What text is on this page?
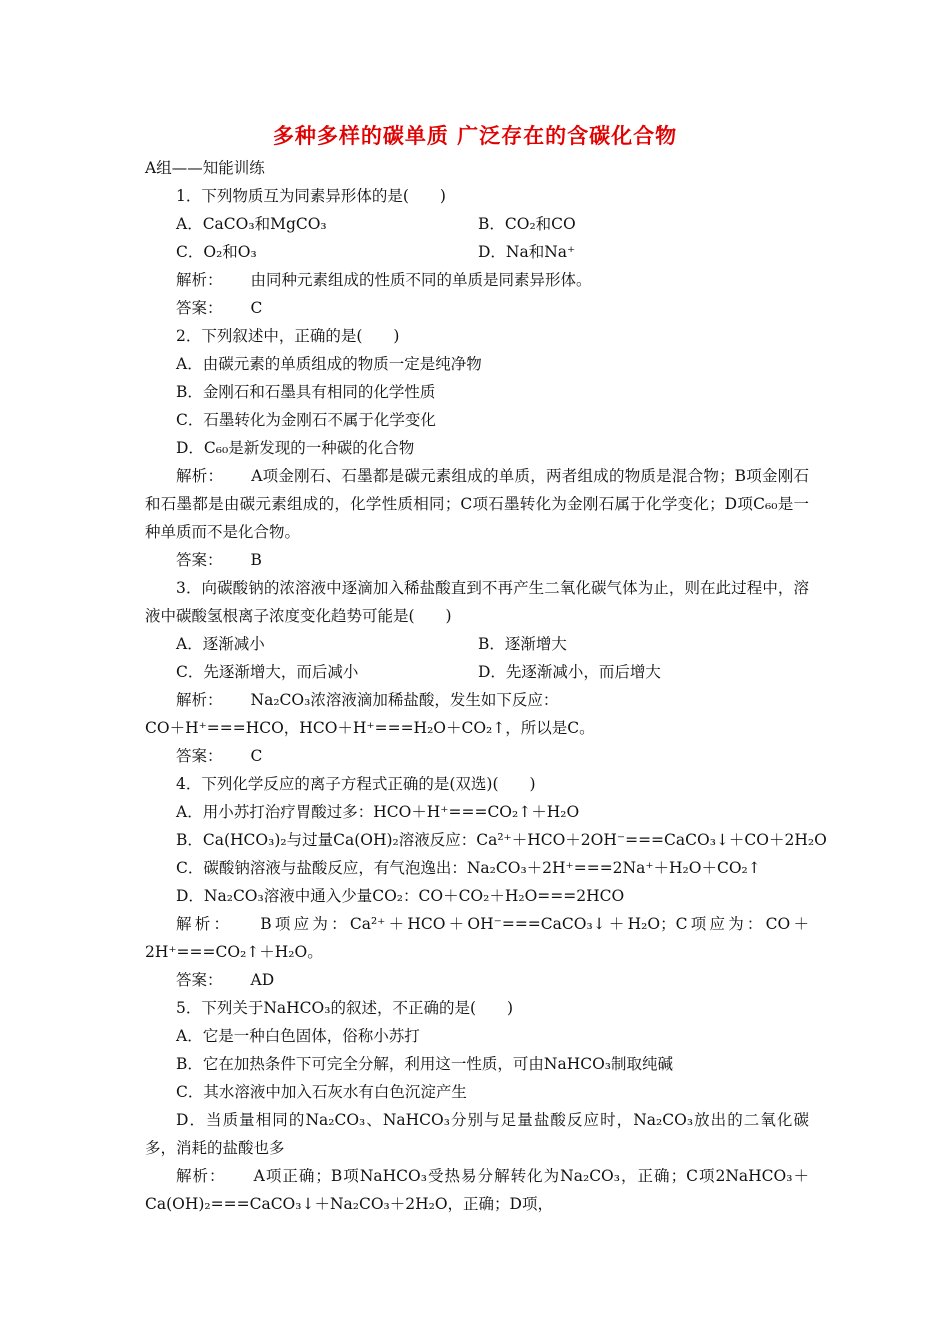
多种多样的碳单质 广泛存在的含碳化合物
A组——知能训练
1．下列物质互为同素异形体的是(　　)
A．CaCO₃和MgCO₃	B．CO₂和CO
C．O₂和O₃	D．Na和Na⁺
解析： 由同种元素组成的性质不同的单质是同素异形体。
答案： C
2．下列叙述中，正确的是(　　)
A．由碳元素的单质组成的物质一定是纯净物
B．金刚石和石墨具有相同的化学性质
C．石墨转化为金刚石不属于化学变化
D．C₆₀是新发现的一种碳的化合物
解析： A项金刚石、石墨都是碳元素组成的单质，两者组成的物质是混合物；B项金刚石和石墨都是由碳元素组成的，化学性质相同；C项石墨转化为金刚石属于化学变化；D项C₆₀是一种单质而不是化合物。
答案： B
3．向碳酸钠的浓溶液中逐滴加入稀盐酸直到不再产生二氧化碳气体为止，则在此过程中，溶液中碳酸氢根离子浓度变化趋势可能是(　　)
A．逐渐减小	B．逐渐增大
C．先逐渐增大，而后减小	D．先逐渐减小，而后增大
解析： Na₂CO₃浓溶液滴加稀盐酸，发生如下反应：
CO＋H⁺===HCO，HCO＋H⁺===H₂O＋CO₂↑，所以是C。
答案： C
4．下列化学反应的离子方程式正确的是(双选)(　　)
A．用小苏打治疗胃酸过多：HCO＋H⁺===CO₂↑＋H₂O
B．Ca(HCO₃)₂与过量Ca(OH)₂溶液反应：Ca²⁺＋HCO＋2OH⁻===CaCO₃↓＋CO＋2H₂O
C．碳酸钠溶液与盐酸反应，有气泡逸出：Na₂CO₃＋2H⁺===2Na⁺＋H₂O＋CO₂↑
D．Na₂CO₃溶液中通入少量CO₂：CO＋CO₂＋H₂O===2HCO
解析： B项应为：Ca²⁺＋HCO＋OH⁻===CaCO₃↓＋H₂O；C项应为：CO＋2H⁺===CO₂↑＋H₂O。
答案： AD
5．下列关于NaHCO₃的叙述，不正确的是(　　)
A．它是一种白色固体，俗称小苏打
B．它在加热条件下可完全分解，利用这一性质，可由NaHCO₃制取纯碱
C．其水溶液中加入石灰水有白色沉淀产生
D．当质量相同的Na₂CO₃、NaHCO₃分别与足量盐酸反应时，Na₂CO₃放出的二氧化碳多，消耗的盐酸也多
解析： A项正确；B项NaHCO₃受热易分解转化为Na₂CO₃，正确；C项2NaHCO₃＋Ca(OH)₂===CaCO₃↓＋Na₂CO₃＋2H₂O，正确；D项，
